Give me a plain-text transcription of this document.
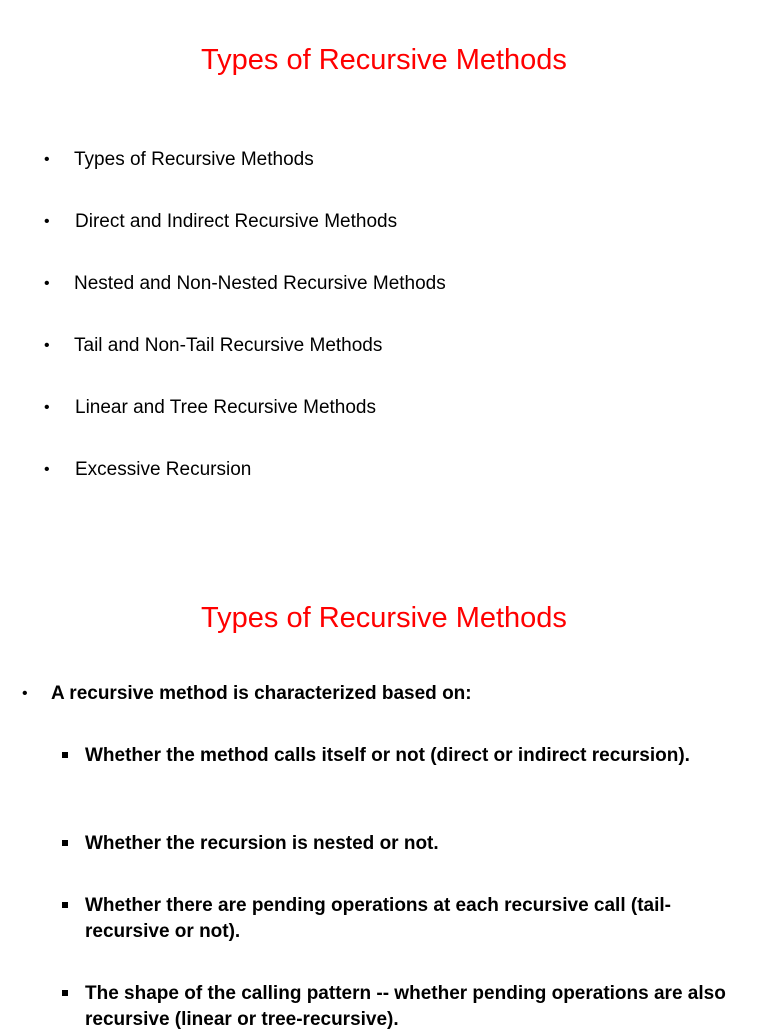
Types of Recursive Methods
• Types of Recursive Methods
• Direct and Indirect Recursive Methods
• Nested and Non-Nested Recursive Methods
• Tail and Non-Tail Recursive Methods
• Linear and Tree Recursive Methods
• Excessive Recursion
Types of Recursive Methods
• A recursive method is characterized based on:
Whether the method calls itself or not (direct or indirect recursion).
Whether the recursion is nested or not.
Whether there are pending operations at each recursive call (tail-recursive or not).
The shape of the calling pattern -- whether pending operations are also recursive (linear or tree-recursive).
